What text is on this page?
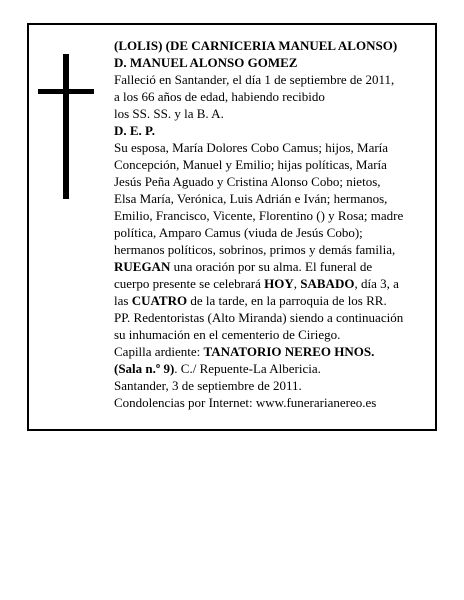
(LOLIS) (DE CARNICERIA MANUEL ALONSO)
D. MANUEL ALONSO GOMEZ
Falleció en Santander, el día 1 de septiembre de 2011,
a los 66 años de edad, habiendo recibido
los SS. SS. y la B. A.
D. E. P.
Su esposa, María Dolores Cobo Camus; hijos, María
Concepción, Manuel y Emilio; hijas políticas, María
Jesús Peña Aguado y Cristina Alonso Cobo; nietos,
Elsa María, Verónica, Luis Adrián e Iván; hermanos,
Emilio, Francisco, Vicente, Florentino () y Rosa; madre
política, Amparo Camus (viuda de Jesús Cobo);
hermanos políticos, sobrinos, primos y demás familia,
RUEGAN una oración por su alma. El funeral de
cuerpo presente se celebrará HOY, SABADO, día 3, a
las CUATRO de la tarde, en la parroquia de los RR.
PP. Redentoristas (Alto Miranda) siendo a continuación
su inhumación en el cementerio de Ciriego.
Capilla ardiente: TANATORIO NEREO HNOS.
(Sala n.º 9). C./ Repuente-La Albericia.
Santander, 3 de septiembre de 2011.
Condolencias por Internet: www.funerarianereo.es
